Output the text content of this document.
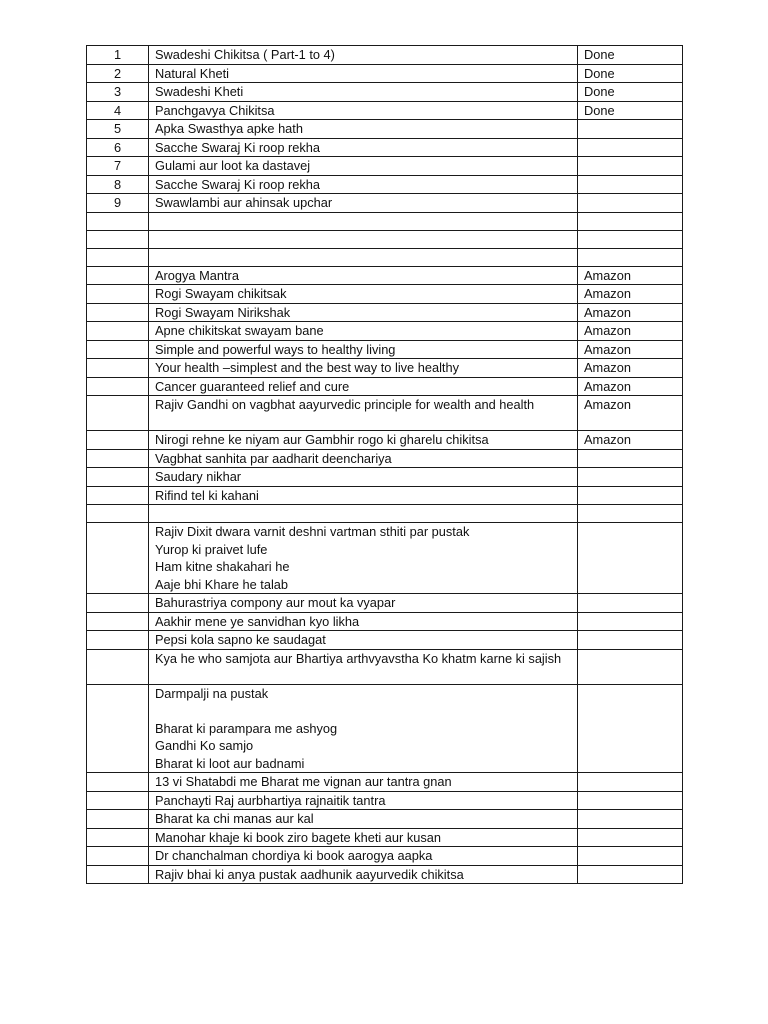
1	Swadeshi Chikitsa ( Part-1 to 4)	Done
2	Natural Kheti	Done
3	Swadeshi Kheti	Done
4	Panchgavya Chikitsa	Done
5	Apka Swasthya apke hath	
6	Sacche Swaraj Ki roop rekha	
7	Gulami aur loot ka dastavej	
8	Sacche Swaraj Ki roop rekha	
9	Swawlambi aur ahinsak upchar	

	Arogya Mantra	Amazon
	Rogi Swayam chikitsak	Amazon
	Rogi Swayam Nirikshak	Amazon
	Apne chikitskat swayam bane	Amazon
	Simple and powerful ways to healthy living	Amazon
	Your health –simplest and the best way to live healthy	Amazon
	Cancer guaranteed relief and cure	Amazon
	Rajiv Gandhi on vagbhat aayurvedic principle for wealth and health	Amazon
	Nirogi rehne ke niyam aur Gambhir rogo ki gharelu chikitsa	Amazon
	Vagbhat sanhita par aadharit deenchariya	
	Saudary nikhar	
	Rifind tel ki kahani	

	Rajiv Dixit dwara varnit deshni vartman sthiti par pustak
Yurop ki praivet lufe
Ham kitne shakahari he
Aaje bhi Khare he talab	
	Bahurastriya compony aur mout ka vyapar	
	Aakhir mene ye sanvidhan kyo likha	
	Pepsi kola sapno ke saudagat	
	Kya he who samjota aur Bhartiya arthvyavstha Ko khatm karne ki sajish	
	Darmpalji na pustak

Bharat ki parampara me ashyog
Gandhi Ko samjo
Bharat ki loot aur badnami	
	13 vi Shatabdi me Bharat me vignan aur tantra gnan	
	Panchayti Raj aurbhartiya rajnaitik tantra	
	Bharat ka chi manas aur kal	
	Manohar khaje ki book ziro bagete kheti aur kusan	
	Dr chanchalman chordiya ki book aarogya aapka	
	Rajiv bhai ki anya pustak aadhunik aayurvedik chikitsa	
